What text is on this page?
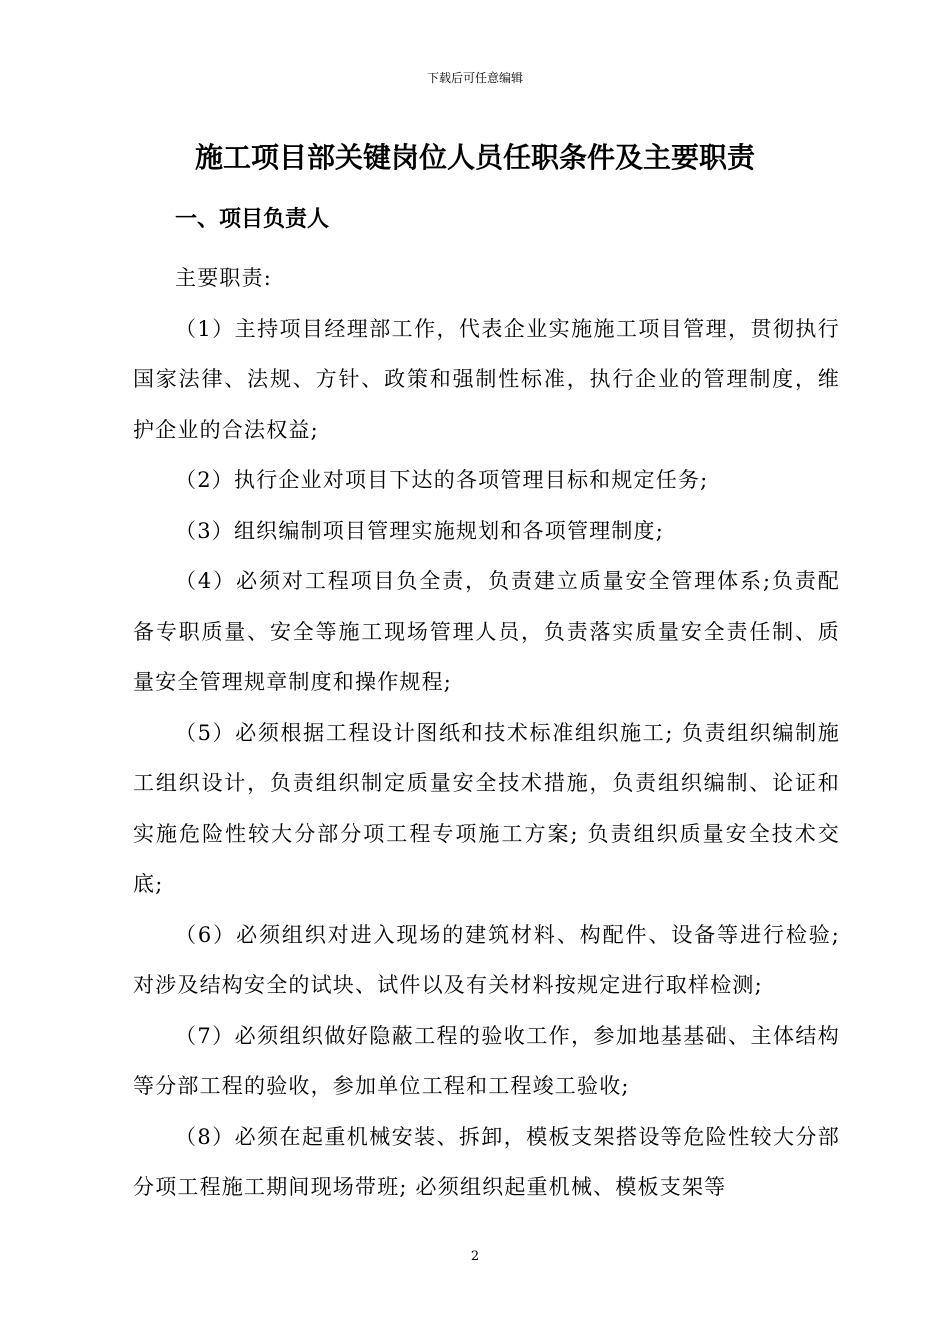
下载后可任意编辑
施工项目部关键岗位人员任职条件及主要职责
一、项目负责人

主要职责:

（1）主持项目经理部工作，代表企业实施施工项目管理，贯彻执行国家法律、法规、方针、政策和强制性标准，执行企业的管理制度，维护企业的合法权益;

（2）执行企业对项目下达的各项管理目标和规定任务;

（3）组织编制项目管理实施规划和各项管理制度;

（4）必须对工程项目负全责，负责建立质量安全管理体系;负责配备专职质量、安全等施工现场管理人员，负责落实质量安全责任制、质量安全管理规章制度和操作规程;

（5）必须根据工程设计图纸和技术标准组织施工; 负责组织编制施工组织设计，负责组织制定质量安全技术措施，负责组织编制、论证和实施危险性较大分部分项工程专项施工方案; 负责组织质量安全技术交底;

（6）必须组织对进入现场的建筑材料、构配件、设备等进行检验; 对涉及结构安全的试块、试件以及有关材料按规定进行取样检测;

（7）必须组织做好隐蔽工程的验收工作，参加地基基础、主体结构等分部工程的验收，参加单位工程和工程竣工验收;

（8）必须在起重机械安装、拆卸，模板支架搭设等危险性较大分部分项工程施工期间现场带班; 必须组织起重机械、模板支架等

2
